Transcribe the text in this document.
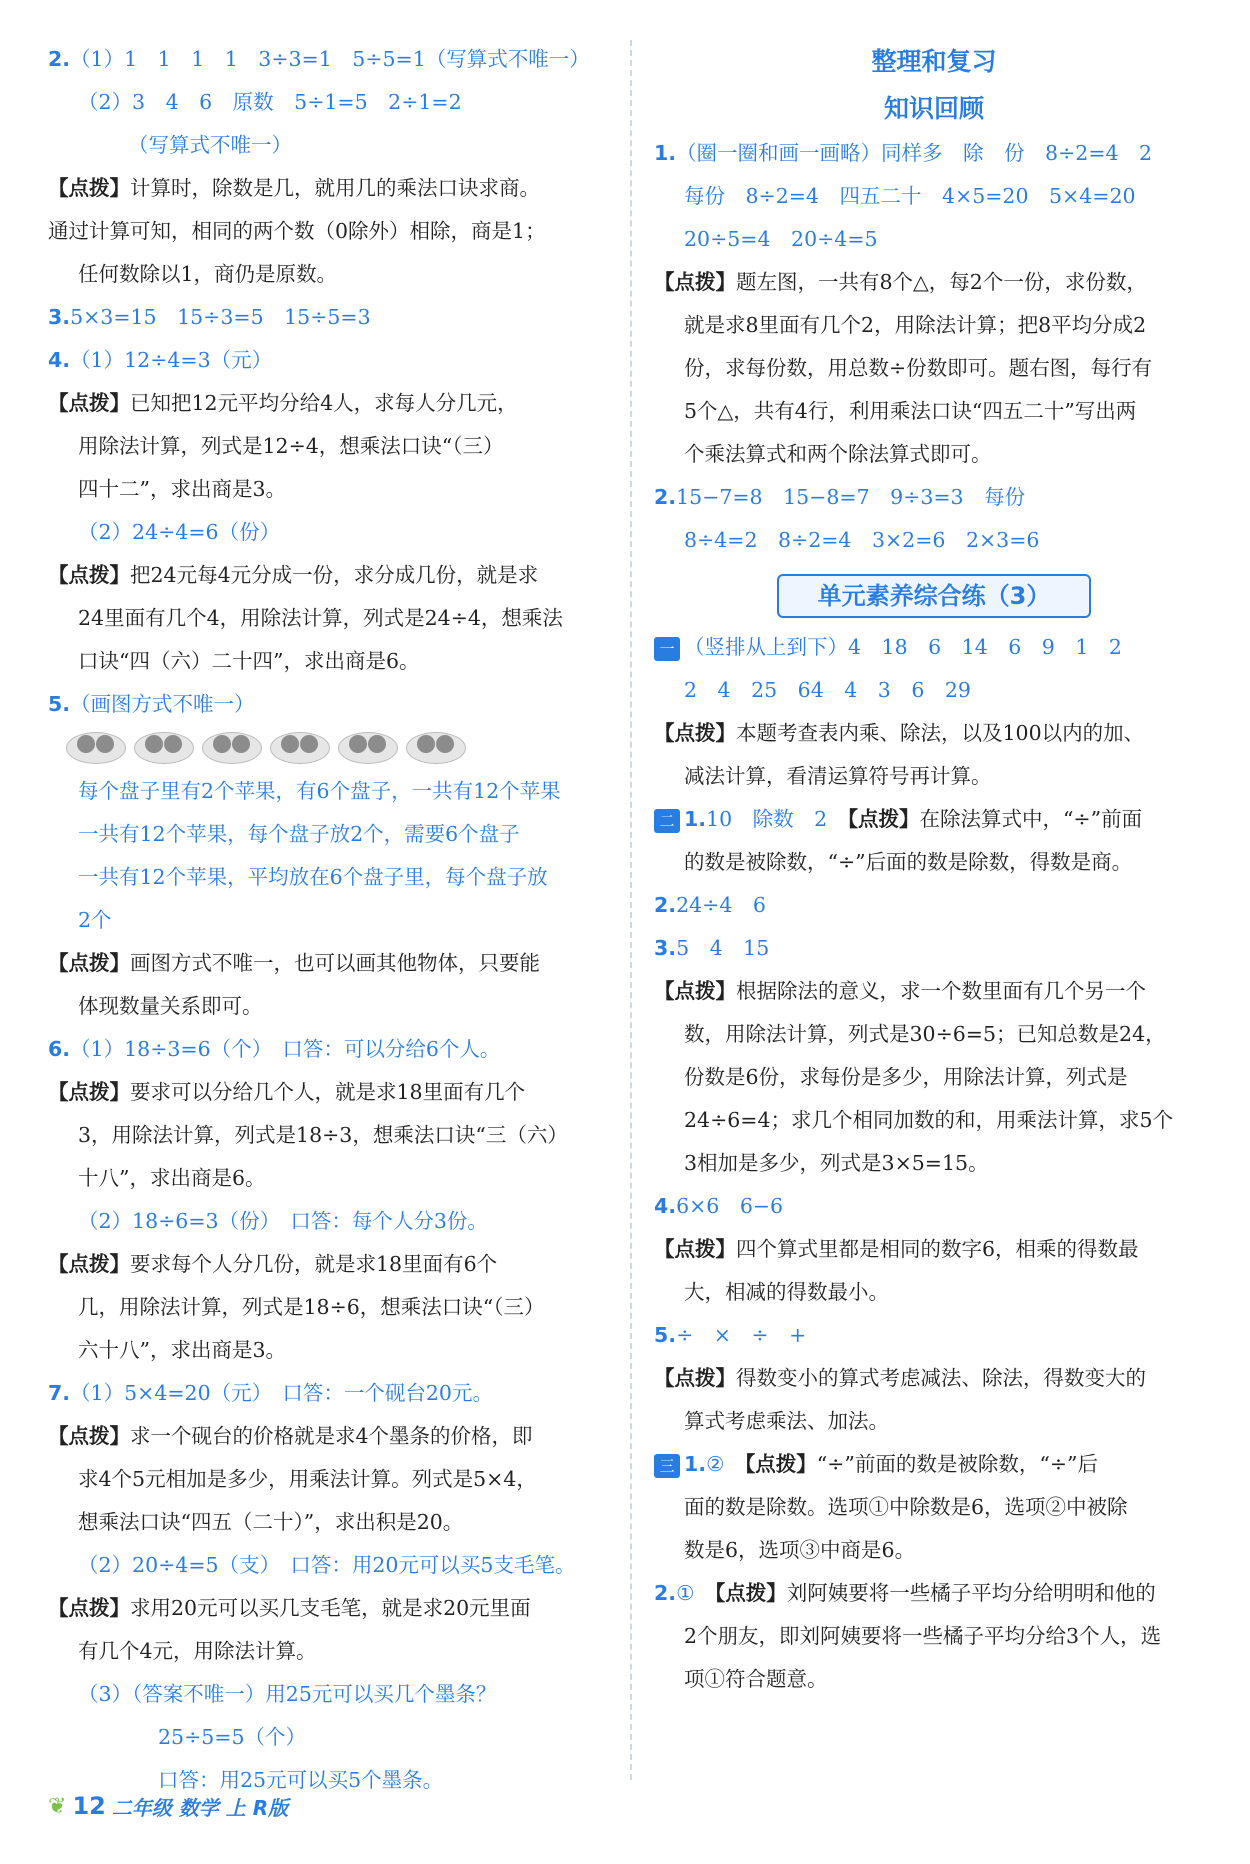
2.（1）1　1　1　1　3÷3=1　5÷5=1（写算式不唯一）
（2）3　4　6　原数　5÷1=5　2÷1=2
（写算式不唯一）
【点拨】计算时，除数是几，就用几的乘法口诀求商。
通过计算可知，相同的两个数（0除外）相除，商是1；
任何数除以1，商仍是原数。
3.5×3=15　15÷3=5　15÷5=3
4.（1）12÷4=3（元）
【点拨】已知把12元平均分给4人，求每人分几元，
用除法计算，列式是12÷4，想乘法口诀“（三）
四十二”，求出商是3。
（2）24÷4=6（份）
【点拨】把24元每4元分成一份，求分成几份，就是求
24里面有几个4，用除法计算，列式是24÷4，想乘法
口诀“四（六）二十四”，求出商是6。
5.（画图方式不唯一）
每个盘子里有2个苹果，有6个盘子，一共有12个苹果
一共有12个苹果，每个盘子放2个，需要6个盘子
一共有12个苹果，平均放在6个盘子里，每个盘子放
2个
【点拨】画图方式不唯一，也可以画其他物体，只要能
体现数量关系即可。
6.（1）18÷3=6（个）　口答：可以分给6个人。
【点拨】要求可以分给几个人，就是求18里面有几个
3，用除法计算，列式是18÷3，想乘法口诀“三（六）
十八”，求出商是6。
（2）18÷6=3（份）　口答：每个人分3份。
【点拨】要求每个人分几份，就是求18里面有6个
几，用除法计算，列式是18÷6，想乘法口诀“（三）
六十八”，求出商是3。
7.（1）5×4=20（元）　口答：一个砚台20元。
【点拨】求一个砚台的价格就是求4个墨条的价格，即
求4个5元相加是多少，用乘法计算。列式是5×4，
想乘法口诀“四五（二十）”，求出积是20。
（2）20÷4=5（支）　口答：用20元可以买5支毛笔。
【点拨】求用20元可以买几支毛笔，就是求20元里面
有几个4元，用除法计算。
（3）（答案不唯一）用25元可以买几个墨条？
25÷5=5（个）
口答：用25元可以买5个墨条。
整理和复习
知识回顾
1.（圈一圈和画一画略）同样多　除　份　8÷2=4　2
每份　8÷2=4　四五二十　4×5=20　5×4=20
20÷5=4　20÷4=5
【点拨】题左图，一共有8个△，每2个一份，求份数，
就是求8里面有几个2，用除法计算；把8平均分成2
份，求每份数，用总数÷份数即可。题右图，每行有
5个△，共有4行，利用乘法口诀“四五二十”写出两
个乘法算式和两个除法算式即可。
2.15−7=8　15−8=7　9÷3=3　每份
8÷4=2　8÷2=4　3×2=6　2×3=6
单元素养综合练（3）
一 （竖排从上到下）4　18　6　14　6　9　1　2
2　4　25　64　4　3　6　29
【点拨】本题考查表内乘、除法，以及100以内的加、
减法计算，看清运算符号再计算。
二 1.10　除数　2　【点拨】在除法算式中，“÷”前面
的数是被除数，“÷”后面的数是除数，得数是商。
2.24÷4　6
3.5　4　15
【点拨】根据除法的意义，求一个数里面有几个另一个
数，用除法计算，列式是30÷6=5；已知总数是24，
份数是6份，求每份是多少，用除法计算，列式是
24÷6=4；求几个相同加数的和，用乘法计算，求5个
3相加是多少，列式是3×5=15。
4.6×6　6−6
【点拨】四个算式里都是相同的数字6，相乘的得数最
大，相减的得数最小。
5.÷　×　÷　+
【点拨】得数变小的算式考虑减法、除法，得数变大的
算式考虑乘法、加法。
三 1.②　【点拨】“÷”前面的数是被除数，“÷”后
面的数是除数。选项①中除数是6，选项②中被除
数是6，选项③中商是6。
2.①　【点拨】刘阿姨要将一些橘子平均分给明明和他的
2个朋友，即刘阿姨要将一些橘子平均分给3个人，选
项①符合题意。
❦ 12 二年级 数学 上 R版
